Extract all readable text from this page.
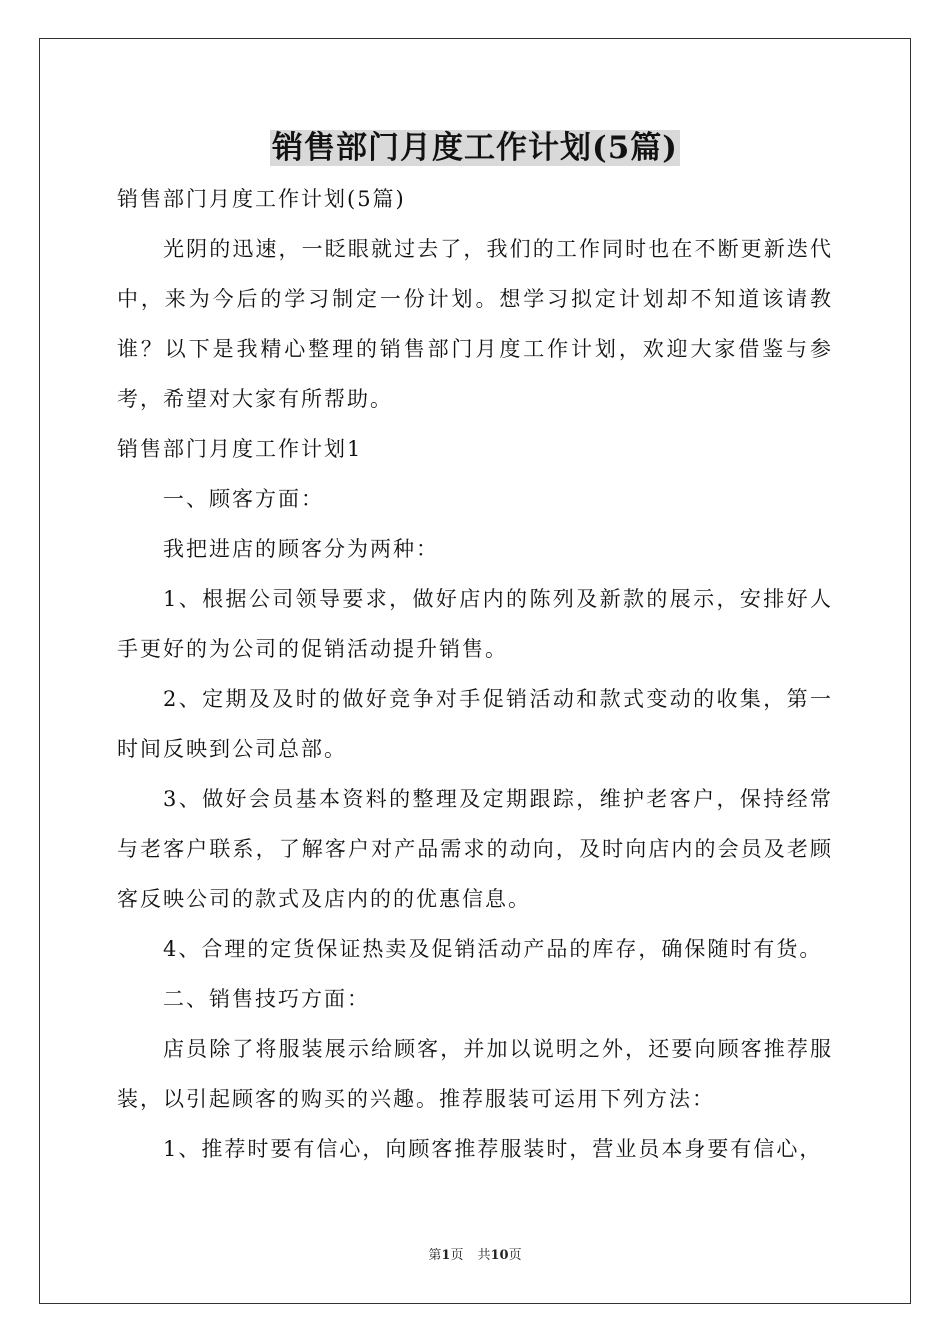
销售部门月度工作计划(5篇)

销售部门月度工作计划(5篇)

光阴的迅速，一眨眼就过去了，我们的工作同时也在不断更新迭代中，来为今后的学习制定一份计划。想学习拟定计划却不知道该请教谁？以下是我精心整理的销售部门月度工作计划，欢迎大家借鉴与参考，希望对大家有所帮助。

销售部门月度工作计划1

一、顾客方面：

我把进店的顾客分为两种：

1、根据公司领导要求，做好店内的陈列及新款的展示，安排好人手更好的为公司的促销活动提升销售。

2、定期及及时的做好竞争对手促销活动和款式变动的收集，第一时间反映到公司总部。

3、做好会员基本资料的整理及定期跟踪，维护老客户，保持经常与老客户联系，了解客户对产品需求的动向，及时向店内的会员及老顾客反映公司的款式及店内的的优惠信息。

4、合理的定货保证热卖及促销活动产品的库存，确保随时有货。

二、销售技巧方面：

店员除了将服装展示给顾客，并加以说明之外，还要向顾客推荐服装，以引起顾客的购买的兴趣。推荐服装可运用下列方法：

1、推荐时要有信心，向顾客推荐服装时，营业员本身要有信心，

第1页 共10页
